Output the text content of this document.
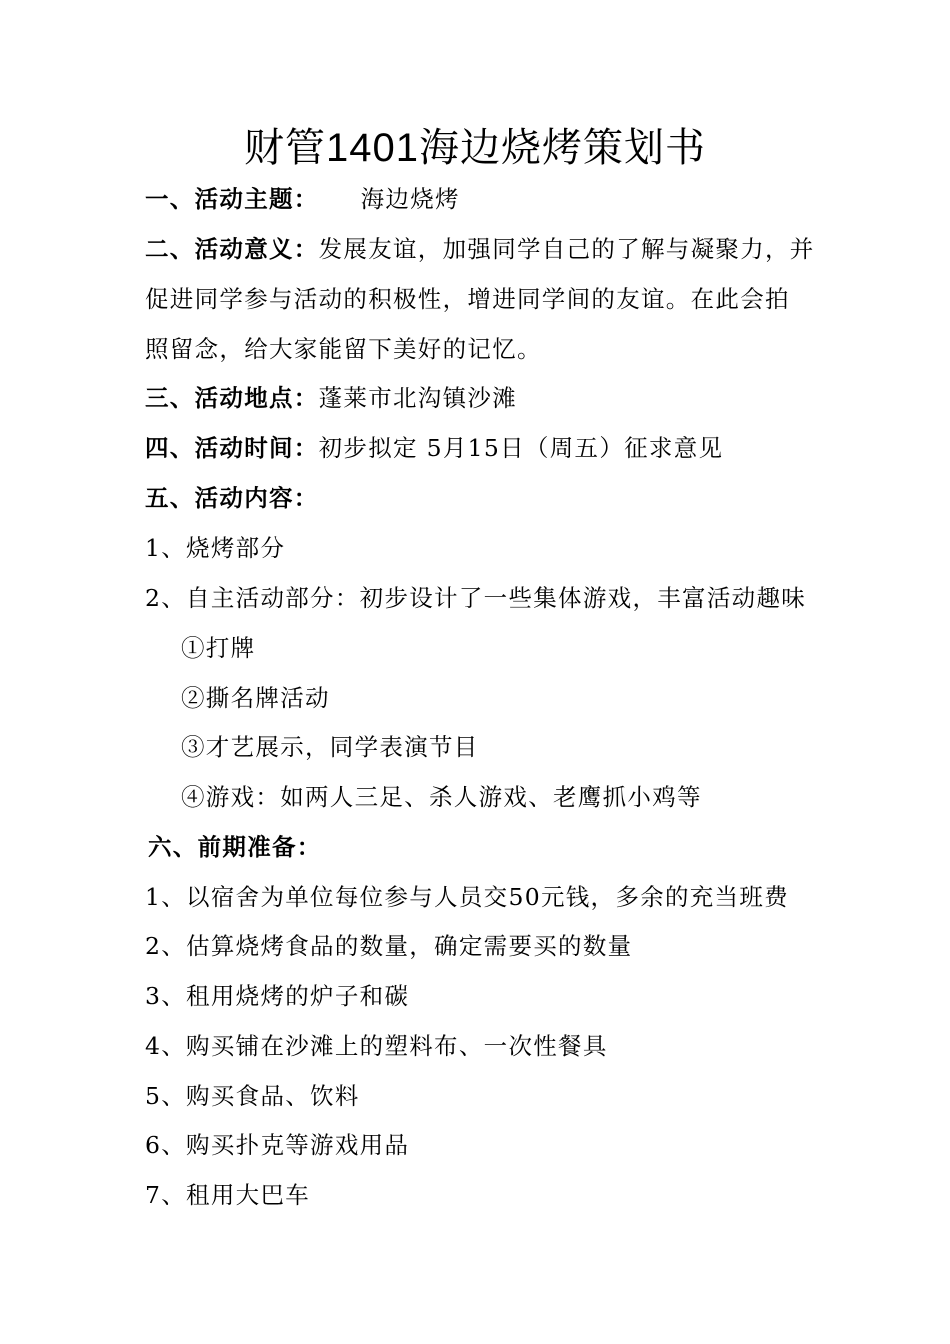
财管1401海边烧烤策划书
一、活动主题： 海边烧烤
二、活动意义：发展友谊，加强同学自己的了解与凝聚力，并
促进同学参与活动的积极性，增进同学间的友谊。在此会拍
照留念，给大家能留下美好的记忆。
三、活动地点：蓬莱市北沟镇沙滩
四、活动时间：初步拟定 5月15日（周五）征求意见
五、活动内容：
1、烧烤部分
2、自主活动部分：初步设计了一些集体游戏，丰富活动趣味
①打牌
②撕名牌活动
③才艺展示，同学表演节目
④游戏：如两人三足、杀人游戏、老鹰抓小鸡等
六、前期准备：
1、以宿舍为单位每位参与人员交50元钱，多余的充当班费
2、估算烧烤食品的数量，确定需要买的数量
3、租用烧烤的炉子和碳
4、购买铺在沙滩上的塑料布、一次性餐具
5、购买食品、饮料
6、购买扑克等游戏用品
7、租用大巴车
